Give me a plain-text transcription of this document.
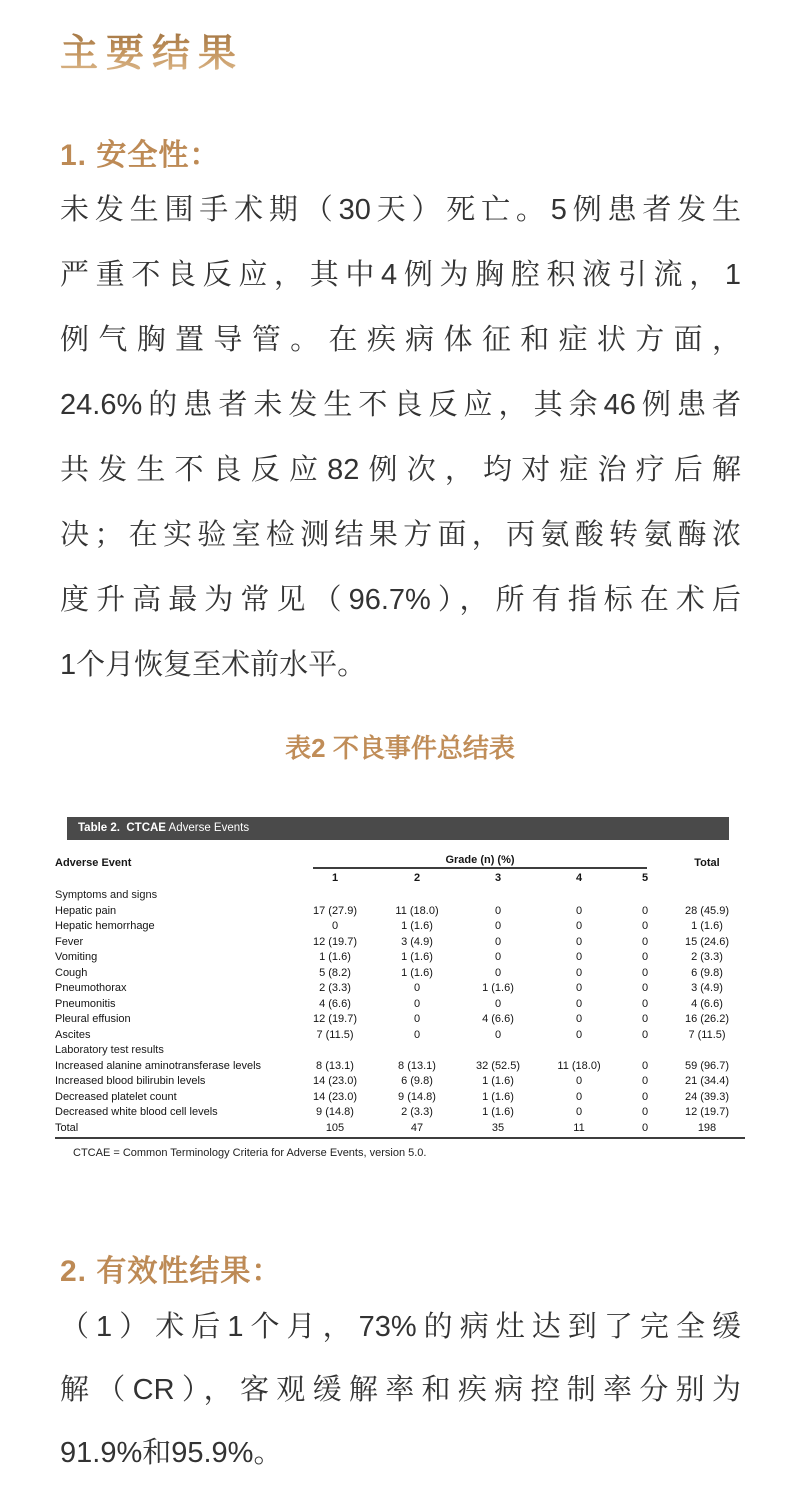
主要结果
1. 安全性：
未发生围手术期（30天）死亡。5例患者发生
严重不良反应，其中4例为胸腔积液引流，1
例气胸置导管。在疾病体征和症状方面，
24.6%的患者未发生不良反应，其余46例患者
共发生不良反应82例次，均对症治疗后解
决；在实验室检测结果方面，丙氨酸转氨酶浓
度升高最为常见（96.7%），所有指标在术后
1个月恢复至术前水平。

表2 不良事件总结表

Table 2.  CTCAE Adverse Events
Adverse Event	Grade (n) (%)					Total
	1	2	3	4	5	
Symptoms and signs						
Hepatic pain	17 (27.9)	11 (18.0)	0	0	0	28 (45.9)
Hepatic hemorrhage	0	1 (1.6)	0	0	0	1 (1.6)
Fever	12 (19.7)	3 (4.9)	0	0	0	15 (24.6)
Vomiting	1 (1.6)	1 (1.6)	0	0	0	2 (3.3)
Cough	5 (8.2)	1 (1.6)	0	0	0	6 (9.8)
Pneumothorax	2 (3.3)	0	1 (1.6)	0	0	3 (4.9)
Pneumonitis	4 (6.6)	0	0	0	0	4 (6.6)
Pleural effusion	12 (19.7)	0	4 (6.6)	0	0	16 (26.2)
Ascites	7 (11.5)	0	0	0	0	7 (11.5)
Laboratory test results						
Increased alanine aminotransferase levels	8 (13.1)	8 (13.1)	32 (52.5)	11 (18.0)	0	59 (96.7)
Increased blood bilirubin levels	14 (23.0)	6 (9.8)	1 (1.6)	0	0	21 (34.4)
Decreased platelet count	14 (23.0)	9 (14.8)	1 (1.6)	0	0	24 (39.3)
Decreased white blood cell levels	9 (14.8)	2 (3.3)	1 (1.6)	0	0	12 (19.7)
Total	105	47	35	11	0	198
CTCAE = Common Terminology Criteria for Adverse Events, version 5.0.
2. 有效性结果：
（1）术后1个月，73%的病灶达到了完全缓
解（CR），客观缓解率和疾病控制率分别为
91.9%和95.9%。
